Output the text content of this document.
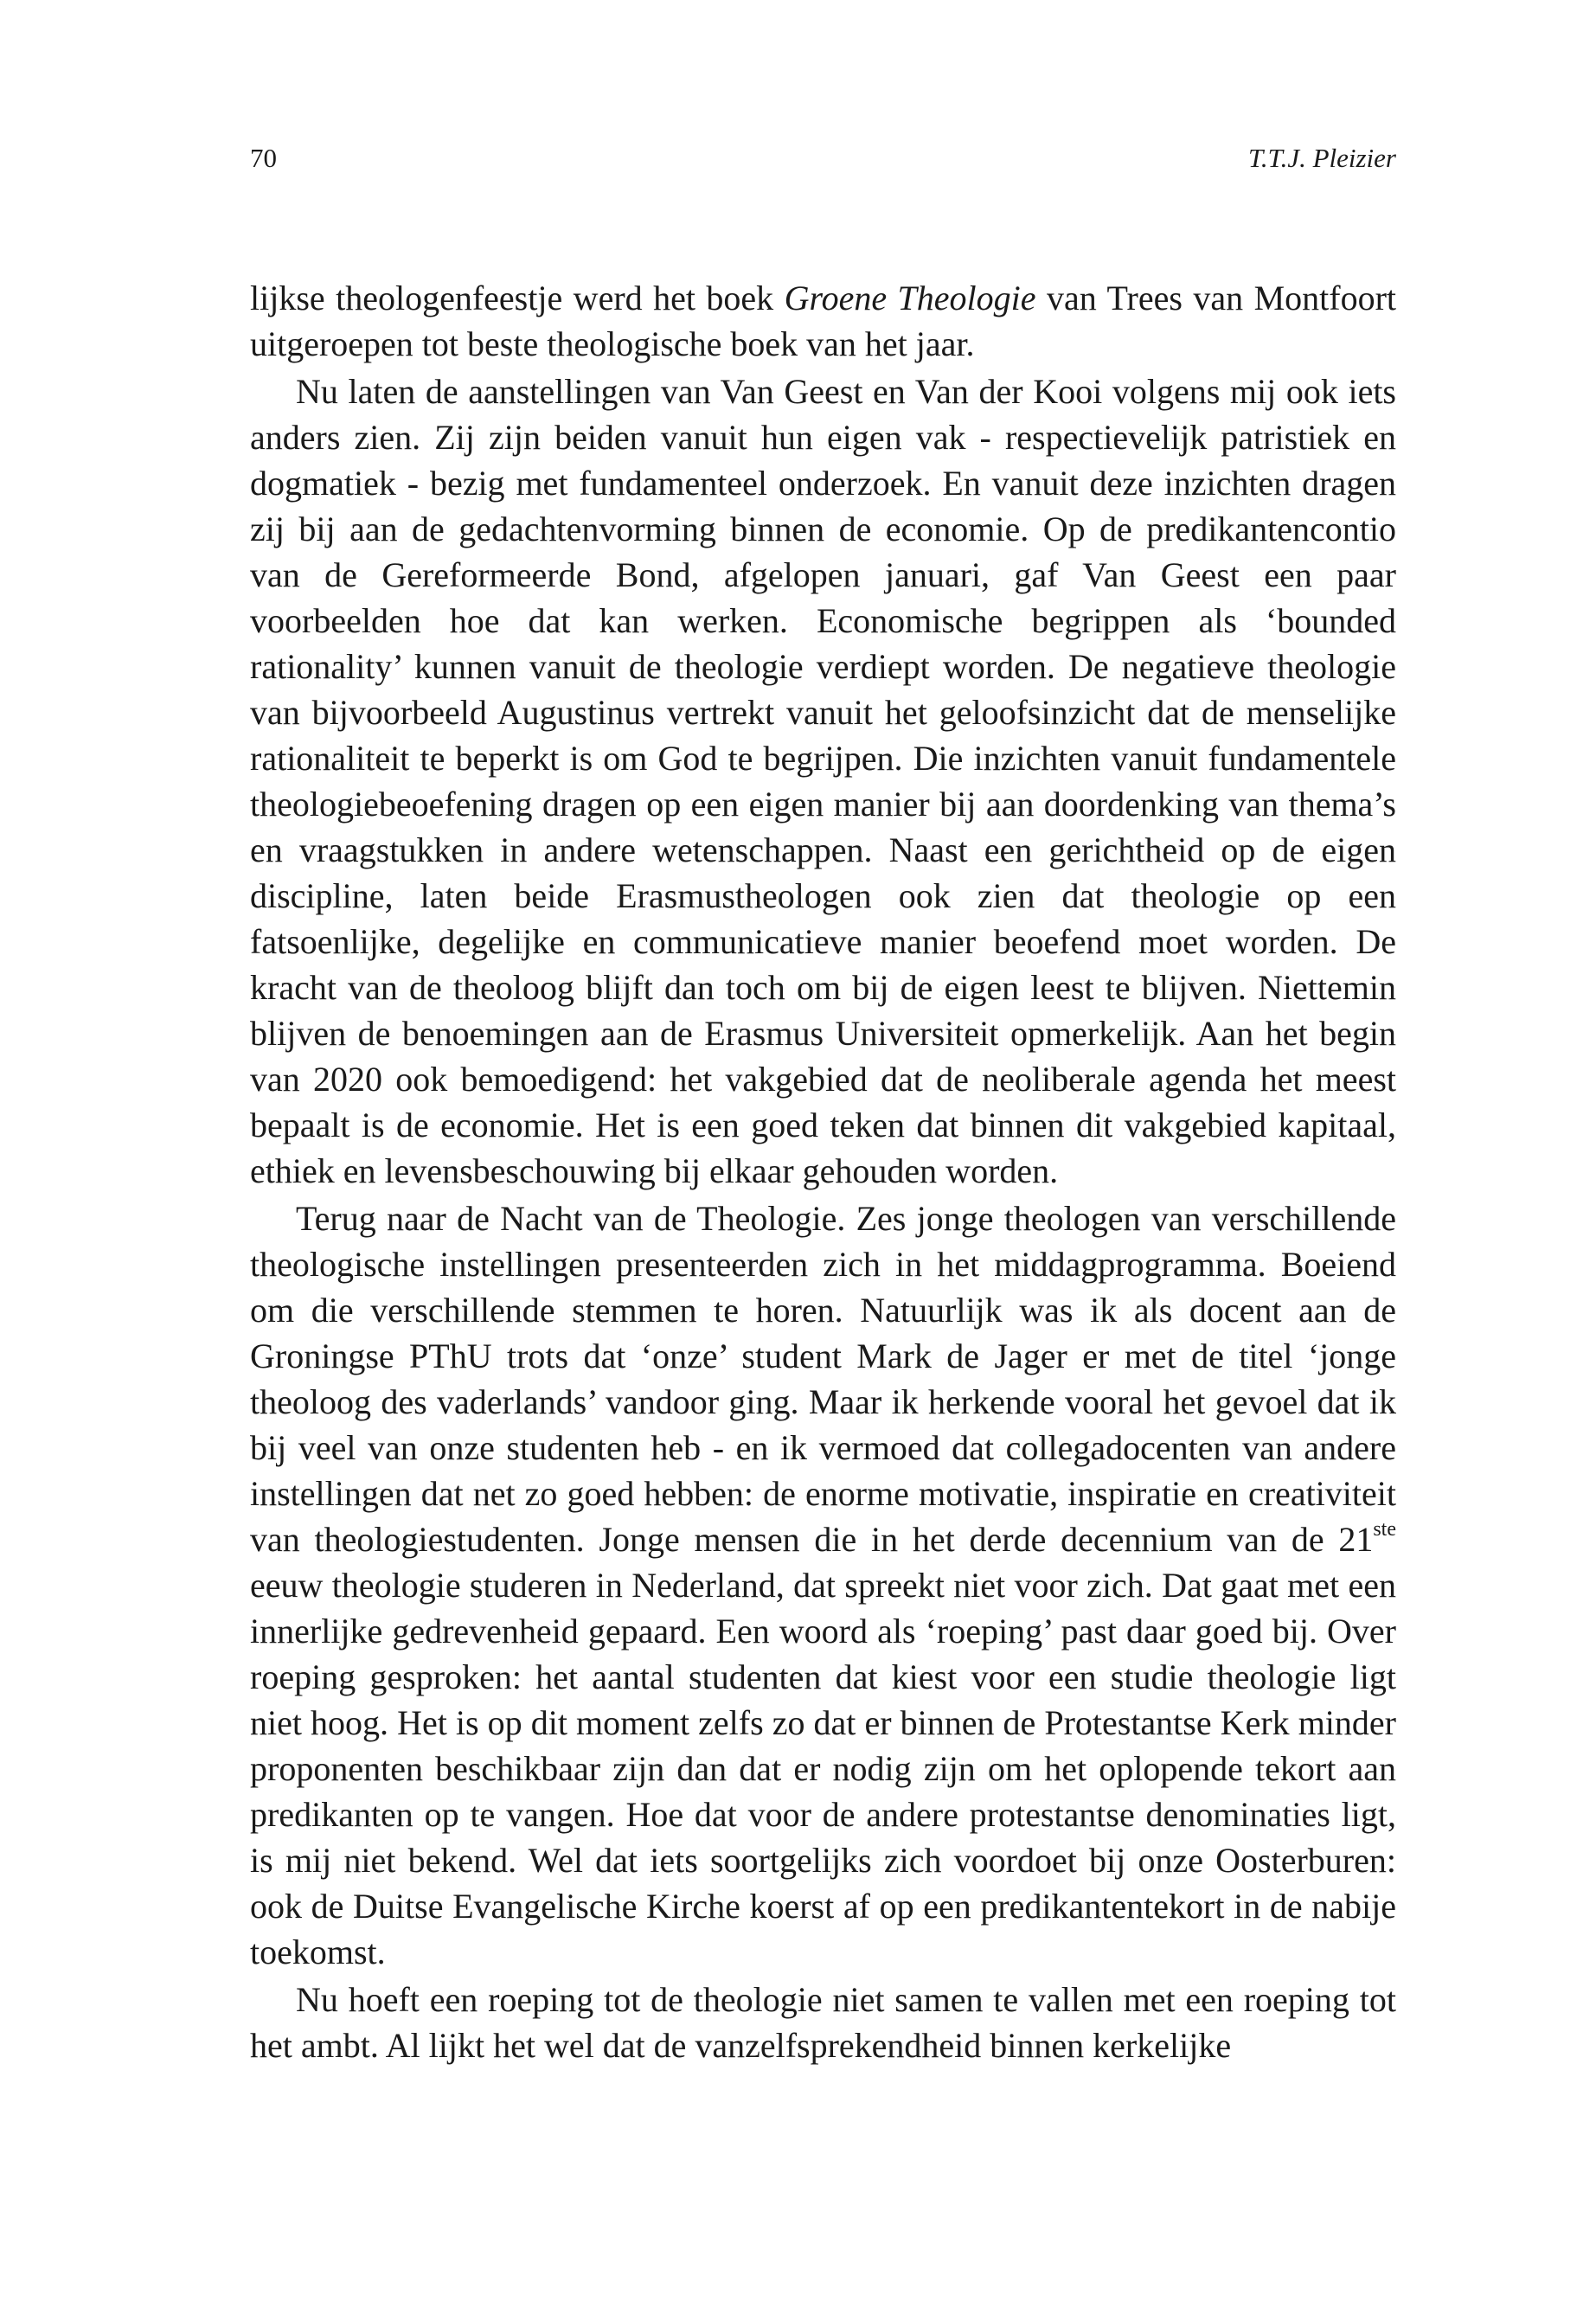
70	T.T.J. Pleizier

lijkse theologenfeestje werd het boek Groene Theologie van Trees van Montfoort uitgeroepen tot beste theologische boek van het jaar.

Nu laten de aanstellingen van Van Geest en Van der Kooi volgens mij ook iets anders zien. Zij zijn beiden vanuit hun eigen vak - respectievelijk patristiek en dogmatiek - bezig met fundamenteel onderzoek. En vanuit deze inzichten dragen zij bij aan de gedachtenvorming binnen de economie. Op de predikantencontio van de Gereformeerde Bond, afgelopen januari, gaf Van Geest een paar voorbeelden hoe dat kan werken. Economische begrippen als ‘bounded rationality’ kunnen vanuit de theologie verdiept worden. De negatieve theologie van bijvoorbeeld Augustinus vertrekt vanuit het geloofsinzicht dat de menselijke rationaliteit te beperkt is om God te begrijpen. Die inzichten vanuit fundamentele theologiebeoefening dragen op een eigen manier bij aan doordenking van thema’s en vraagstukken in andere wetenschappen. Naast een gerichtheid op de eigen discipline, laten beide Erasmustheologen ook zien dat theologie op een fatsoenlijke, degelijke en communicatieve manier beoefend moet worden. De kracht van de theoloog blijft dan toch om bij de eigen leest te blijven. Niettemin blijven de benoemingen aan de Erasmus Universiteit opmerkelijk. Aan het begin van 2020 ook bemoedigend: het vakgebied dat de neoliberale agenda het meest bepaalt is de economie. Het is een goed teken dat binnen dit vakgebied kapitaal, ethiek en levensbeschouwing bij elkaar gehouden worden.

Terug naar de Nacht van de Theologie. Zes jonge theologen van verschillende theologische instellingen presenteerden zich in het middagprogramma. Boeiend om die verschillende stemmen te horen. Natuurlijk was ik als docent aan de Groningse PThU trots dat ‘onze’ student Mark de Jager er met de titel ‘jonge theoloog des vaderlands’ vandoor ging. Maar ik herkende vooral het gevoel dat ik bij veel van onze studenten heb - en ik vermoed dat collegadocenten van andere instellingen dat net zo goed hebben: de enorme motivatie, inspiratie en creativiteit van theologiestudenten. Jonge mensen die in het derde decennium van de 21ste eeuw theologie studeren in Nederland, dat spreekt niet voor zich. Dat gaat met een innerlijke gedrevenheid gepaard. Een woord als ‘roeping’ past daar goed bij. Over roeping gesproken: het aantal studenten dat kiest voor een studie theologie ligt niet hoog. Het is op dit moment zelfs zo dat er binnen de Protestantse Kerk minder proponenten beschikbaar zijn dan dat er nodig zijn om het oplopende tekort aan predikanten op te vangen. Hoe dat voor de andere protestantse denominaties ligt, is mij niet bekend. Wel dat iets soortgelijks zich voordoet bij onze Oosterburen: ook de Duitse Evangelische Kirche koerst af op een predikantentekort in de nabije toekomst.

Nu hoeft een roeping tot de theologie niet samen te vallen met een roeping tot het ambt. Al lijkt het wel dat de vanzelfsprekendheid binnen kerkelijke
